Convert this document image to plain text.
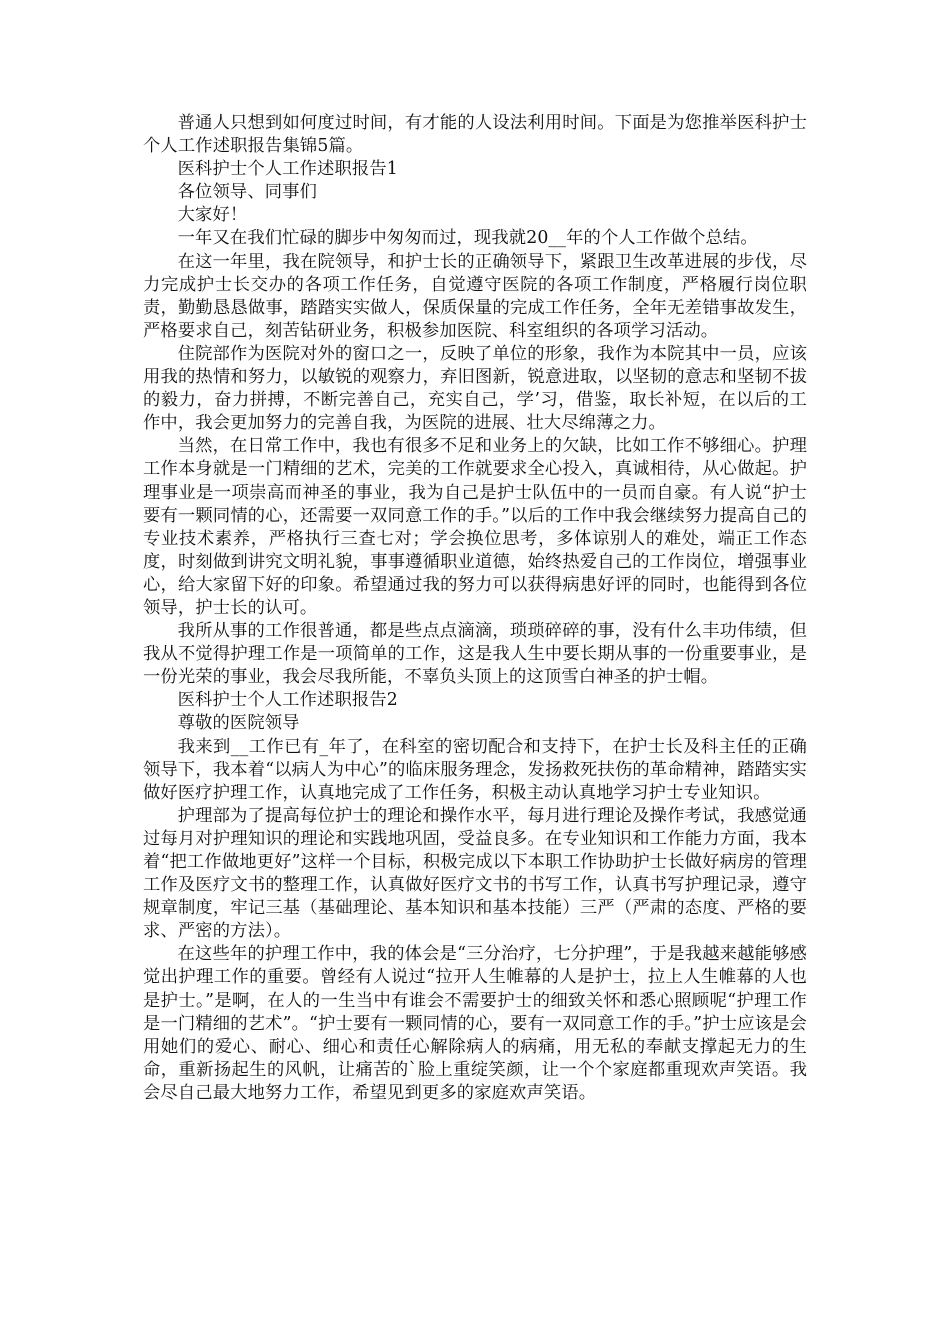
普通人只想到如何度过时间，有才能的人设法利用时间。下面是为您推举医科护士个人工作述职报告集锦5篇。

医科护士个人工作述职报告1

各位领导、同事们

大家好！

一年又在我们忙碌的脚步中匆匆而过，现我就20__年的个人工作做个总结。

在这一年里，我在院领导，和护士长的正确领导下，紧跟卫生改革进展的步伐，尽力完成护士长交办的各项工作任务，自觉遵守医院的各项工作制度，严格履行岗位职责，勤勤恳恳做事，踏踏实实做人，保质保量的完成工作任务，全年无差错事故发生，严格要求自己，刻苦钻研业务，积极参加医院、科室组织的各项学习活动。

住院部作为医院对外的窗口之一，反映了单位的形象，我作为本院其中一员，应该用我的热情和努力，以敏锐的观察力，弃旧图新，锐意进取，以坚韧的意志和坚韧不拔的毅力，奋力拼搏，不断完善自己，充实自己，学’习，借鉴，取长补短，在以后的工作中，我会更加努力的完善自我，为医院的进展、壮大尽绵薄之力。

当然，在日常工作中，我也有很多不足和业务上的欠缺，比如工作不够细心。护理工作本身就是一门精细的艺术，完美的工作就要求全心投入，真诚相待，从心做起。护理事业是一项崇高而神圣的事业，我为自己是护士队伍中的一员而自豪。有人说“护士要有一颗同情的心，还需要一双同意工作的手。”以后的工作中我会继续努力提高自己的专业技术素养，严格执行三查七对；学会换位思考，多体谅别人的难处，端正工作态度，时刻做到讲究文明礼貌，事事遵循职业道德，始终热爱自己的工作岗位，增强事业心，给大家留下好的印象。希望通过我的努力可以获得病患好评的同时，也能得到各位领导，护士长的认可。

我所从事的工作很普通，都是些点点滴滴，琐琐碎碎的事，没有什么丰功伟绩，但我从不觉得护理工作是一项简单的工作，这是我人生中要长期从事的一份重要事业，是一份光荣的事业，我会尽我所能，不辜负头顶上的这顶雪白神圣的护士帽。

医科护士个人工作述职报告2

尊敬的医院领导

我来到__工作已有_年了，在科室的密切配合和支持下，在护士长及科主任的正确领导下，我本着“以病人为中心”的临床服务理念，发扬救死扶伤的革命精神，踏踏实实做好医疗护理工作，认真地完成了工作任务，积极主动认真地学习护士专业知识。

护理部为了提高每位护士的理论和操作水平，每月进行理论及操作考试，我感觉通过每月对护理知识的理论和实践地巩固，受益良多。在专业知识和工作能力方面，我本着“把工作做地更好”这样一个目标，积极完成以下本职工作协助护士长做好病房的管理工作及医疗文书的整理工作，认真做好医疗文书的书写工作，认真书写护理记录，遵守规章制度，牢记三基（基础理论、基本知识和基本技能）三严（严肃的态度、严格的要求、严密的方法）。

在这些年的护理工作中，我的体会是“三分治疗，七分护理”，于是我越来越能够感觉出护理工作的重要。曾经有人说过“拉开人生帷幕的人是护士，拉上人生帷幕的人也是护士。”是啊，在人的一生当中有谁会不需要护士的细致关怀和悉心照顾呢“护理工作是一门精细的艺术”。“护士要有一颗同情的心，要有一双同意工作的手。”护士应该是会用她们的爱心、耐心、细心和责任心解除病人的病痛，用无私的奉献支撑起无力的生命，重新扬起生的风帆，让痛苦的`脸上重绽笑颜，让一个个家庭都重现欢声笑语。我会尽自己最大地努力工作，希望见到更多的家庭欢声笑语。
